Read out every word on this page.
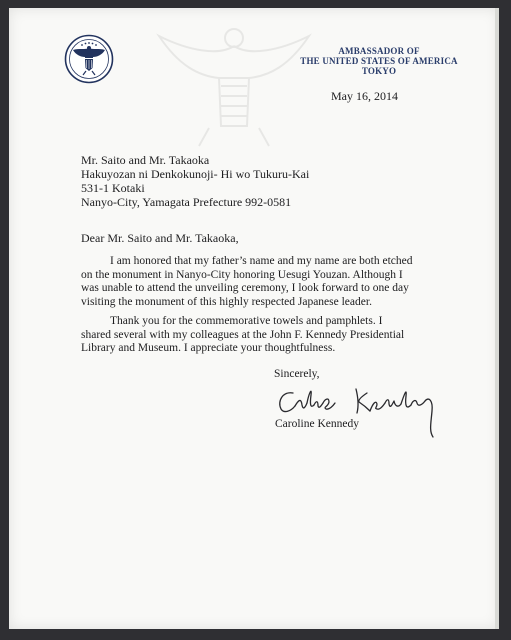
AMBASSADOR OF
THE UNITED STATES OF AMERICA
TOKYO
May 16, 2014
Mr. Saito and Mr. Takaoka
Hakuyozan ni Denkokunoji- Hi wo Tukuru-Kai
531-1 Kotaki
Nanyo-City, Yamagata Prefecture 992-0581
Dear Mr. Saito and Mr. Takaoka,
I am honored that my father’s name and my name are both etched
on the monument in Nanyo-City honoring Uesugi Youzan. Although I
was unable to attend the unveiling ceremony, I look forward to one day
visiting the monument of this highly respected Japanese leader.
Thank you for the commemorative towels and pamphlets. I
shared several with my colleagues at the John F. Kennedy Presidential
Library and Museum. I appreciate your thoughtfulness.
Sincerely,
Caroline Kennedy
